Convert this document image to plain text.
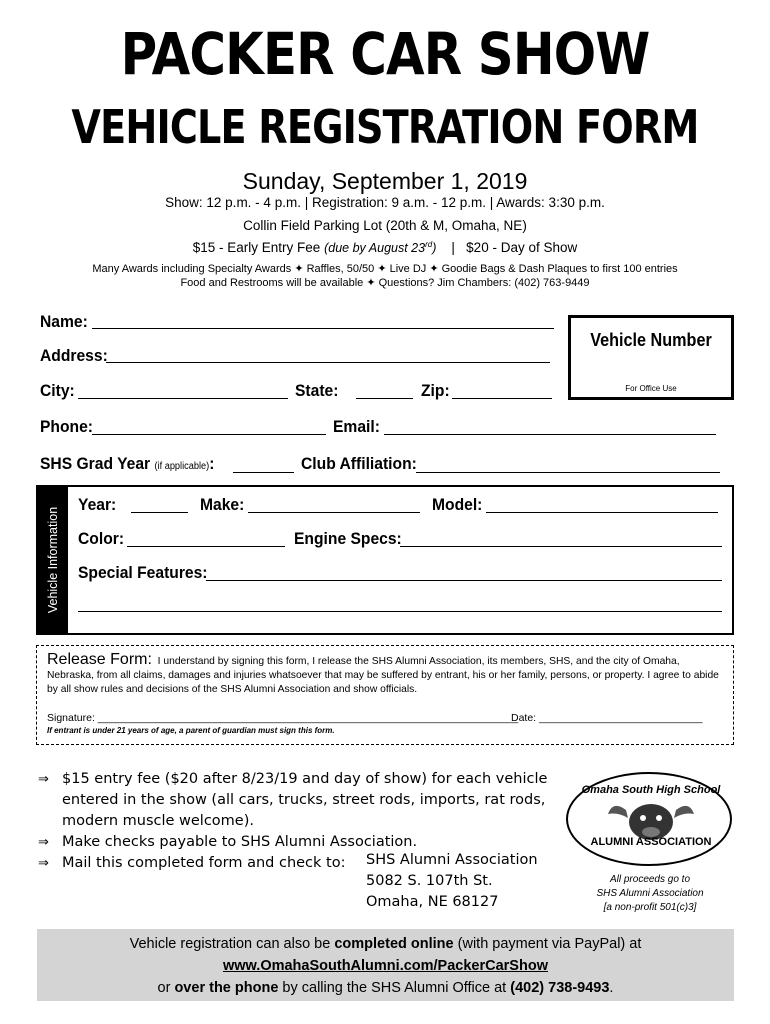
PACKER CAR SHOW
VEHICLE REGISTRATION FORM
Sunday, September 1, 2019
Show: 12 p.m. - 4 p.m. | Registration: 9 a.m. - 12 p.m. | Awards: 3:30 p.m.
Collin Field Parking Lot (20th & M, Omaha, NE)
$15 - Early Entry Fee (due by August 23rd) | $20 - Day of Show
Many Awards including Specialty Awards ✦ Raffles, 50/50 ✦ Live DJ ✦ Goodie Bags & Dash Plaques to first 100 entries
Food and Restrooms will be available ✦ Questions? Jim Chambers: (402) 763-9449
Name:
Address:
City:	State:	Zip:
Vehicle Number
For Office Use
Phone:	Email:
SHS Grad Year (if applicable):	Club Affiliation:
Vehicle Information
Year:	Make:	Model:
Color:	Engine Specs:
Special Features:
Release Form: I understand by signing this form, I release the SHS Alumni Association, its members, SHS, and the city of Omaha, Nebraska, from all claims, damages and injuries whatsoever that may be suffered by entrant, his or her family, persons, or property. I agree to abide by all show rules and decisions of the SHS Alumni Association and show officials.
Signature: ________________________________________________________________________
Date: ____________________________
If entrant is under 21 years of age, a parent of guardian must sign this form.
⇒ $15 entry fee ($20 after 8/23/19 and day of show) for each vehicle entered in the show (all cars, trucks, street rods, imports, rat rods, modern muscle welcome).
⇒ Make checks payable to SHS Alumni Association.
⇒ Mail this completed form and check to:	SHS Alumni Association
5082 S. 107th St.
Omaha, NE 68127
Omaha South High School
ALUMNI ASSOCIATION
All proceeds go to
SHS Alumni Association
[a non-profit 501(c)3]
Vehicle registration can also be completed online (with payment via PayPal) at
www.OmahaSouthAlumni.com/PackerCarShow
or over the phone by calling the SHS Alumni Office at (402) 738-9493.
